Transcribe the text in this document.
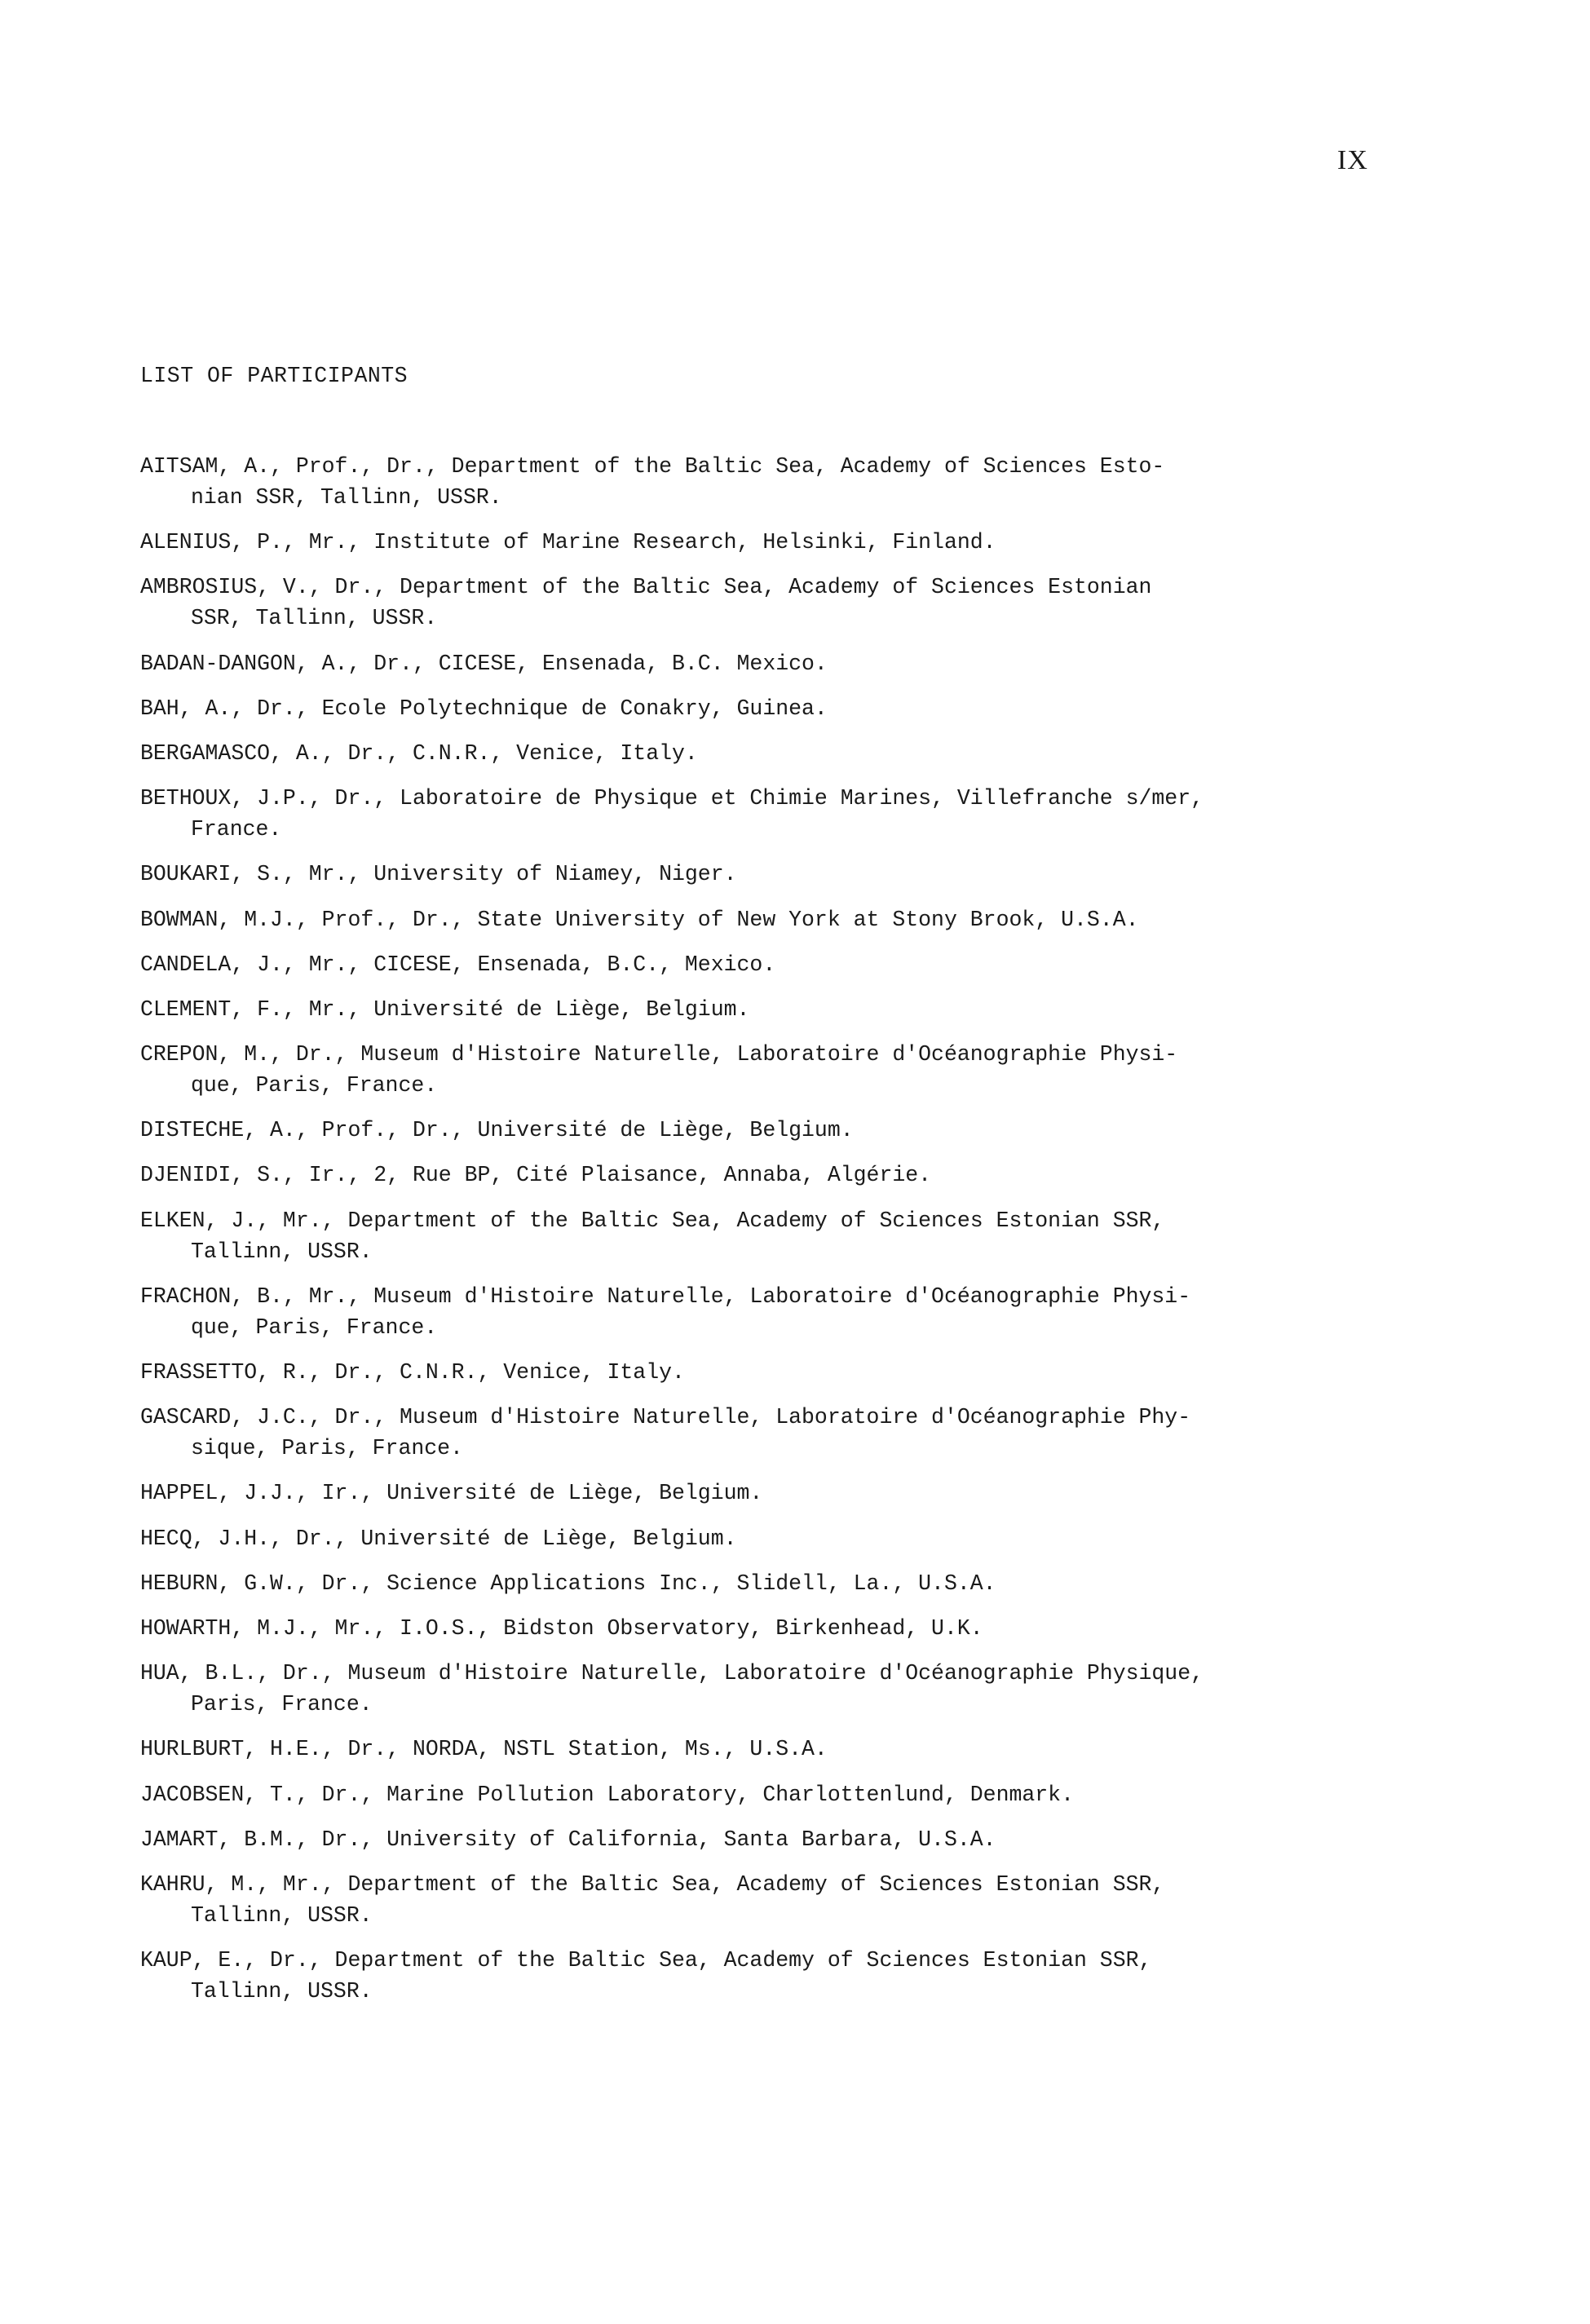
IX
LIST OF PARTICIPANTS
AITSAM, A., Prof., Dr., Department of the Baltic Sea, Academy of Sciences Esto-
nian SSR, Tallinn, USSR.
ALENIUS, P., Mr., Institute of Marine Research, Helsinki, Finland.
AMBROSIUS, V., Dr., Department of the Baltic Sea, Academy of Sciences Estonian
SSR, Tallinn, USSR.
BADAN-DANGON, A., Dr., CICESE, Ensenada, B.C. Mexico.
BAH, A., Dr., Ecole Polytechnique de Conakry, Guinea.
BERGAMASCO, A., Dr., C.N.R., Venice, Italy.
BETHOUX, J.P., Dr., Laboratoire de Physique et Chimie Marines, Villefranche s/mer,
France.
BOUKARI, S., Mr., University of Niamey, Niger.
BOWMAN, M.J., Prof., Dr., State University of New York at Stony Brook, U.S.A.
CANDELA, J., Mr., CICESE, Ensenada, B.C., Mexico.
CLEMENT, F., Mr., Université de Liège, Belgium.
CREPON, M., Dr., Museum d'Histoire Naturelle, Laboratoire d'Océanographie Physi-
que, Paris, France.
DISTECHE, A., Prof., Dr., Université de Liège, Belgium.
DJENIDI, S., Ir., 2, Rue BP, Cité Plaisance, Annaba, Algérie.
ELKEN, J., Mr., Department of the Baltic Sea, Academy of Sciences Estonian SSR,
Tallinn, USSR.
FRACHON, B., Mr., Museum d'Histoire Naturelle, Laboratoire d'Océanographie Physi-
que, Paris, France.
FRASSETTO, R., Dr., C.N.R., Venice, Italy.
GASCARD, J.C., Dr., Museum d'Histoire Naturelle, Laboratoire d'Océanographie Phy-
sique, Paris, France.
HAPPEL, J.J., Ir., Université de Liège, Belgium.
HECQ, J.H., Dr., Université de Liège, Belgium.
HEBURN, G.W., Dr., Science Applications Inc., Slidell, La., U.S.A.
HOWARTH, M.J., Mr., I.O.S., Bidston Observatory, Birkenhead, U.K.
HUA, B.L., Dr., Museum d'Histoire Naturelle, Laboratoire d'Océanographie Physique,
Paris, France.
HURLBURT, H.E., Dr., NORDA, NSTL Station, Ms., U.S.A.
JACOBSEN, T., Dr., Marine Pollution Laboratory, Charlottenlund, Denmark.
JAMART, B.M., Dr., University of California, Santa Barbara, U.S.A.
KAHRU, M., Mr., Department of the Baltic Sea, Academy of Sciences Estonian SSR,
Tallinn, USSR.
KAUP, E., Dr., Department of the Baltic Sea, Academy of Sciences Estonian SSR,
Tallinn, USSR.
